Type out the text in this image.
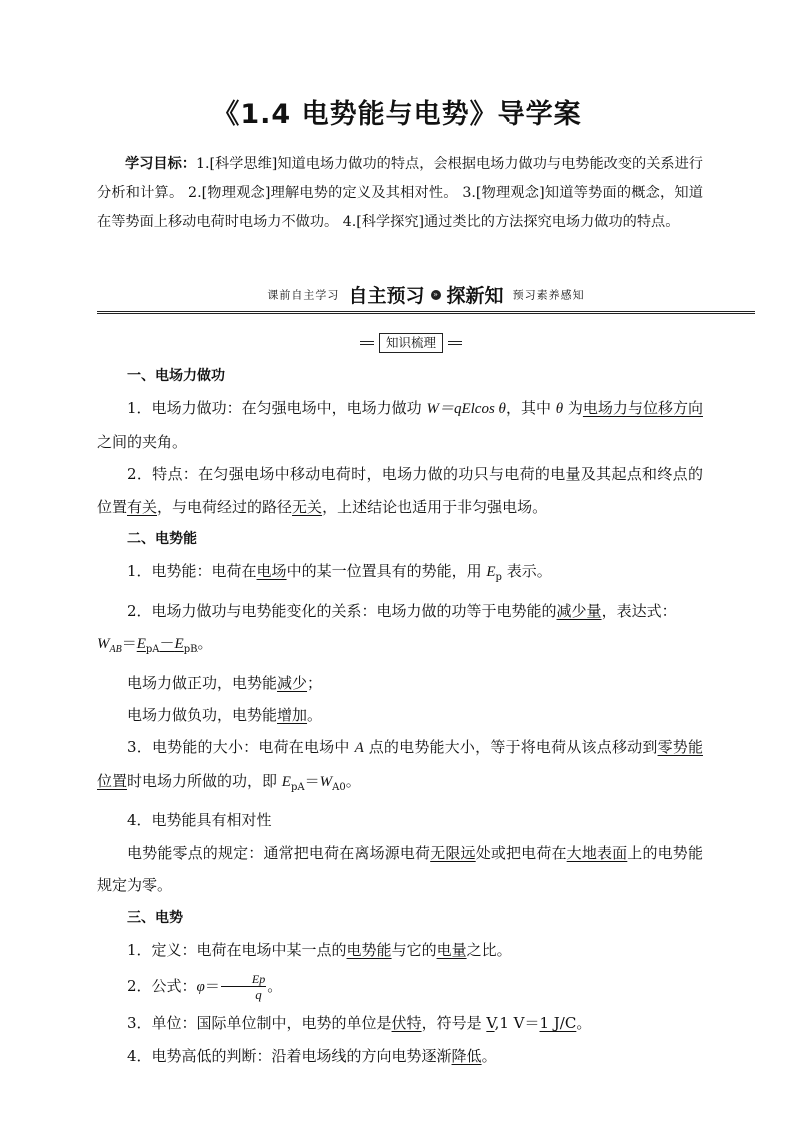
《1.4 电势能与电势》导学案
学习目标：1.[科学思维]知道电场力做功的特点，会根据电场力做功与电势能改变的关系进行分析和计算。 2.[物理观念]理解电势的定义及其相对性。 3.[物理观念]知道等势面的概念，知道在等势面上移动电荷时电场力不做功。 4.[科学探究]通过类比的方法探究电场力做功的特点。
课前自主学习 自主预习 » 探新知 预习素养感知
知识梳理

一、电场力做功

1．电场力做功：在匀强电场中，电场力做功 W＝qElcos θ，其中 θ 为电场力与位移方向之间的夹角。

2．特点：在匀强电场中移动电荷时，电场力做的功只与电荷的电量及其起点和终点的位置有关，与电荷经过的路径无关，上述结论也适用于非匀强电场。

二、电势能

1．电势能：电荷在电场中的某一位置具有的势能，用 $E_p$ 表示。

2．电场力做功与电势能变化的关系：电场力做的功等于电势能的减少量，表达式：

$W_{AB}=E_{pA}-E_{pB}$。

电场力做正功，电势能减少；

电场力做负功，电势能增加。

3．电势能的大小：电荷在电场中 A 点的电势能大小，等于将电荷从该点移动到零势能位置时电场力所做的功，即 $E_{pA}=W_{A0}$。

4．电势能具有相对性

电势能零点的规定：通常把电荷在离场源电荷无限远处或把电荷在大地表面上的电势能规定为零。

三、电势

1．定义：电荷在电场中某一点的电势能与它的电量之比。

2．公式：$\varphi= \frac{Ep}{q}$ 。

3．单位：国际单位制中，电势的单位是伏特，符号是 V,1 V＝1 J/C。

4．电势高低的判断：沿着电场线的方向电势逐渐降低。
